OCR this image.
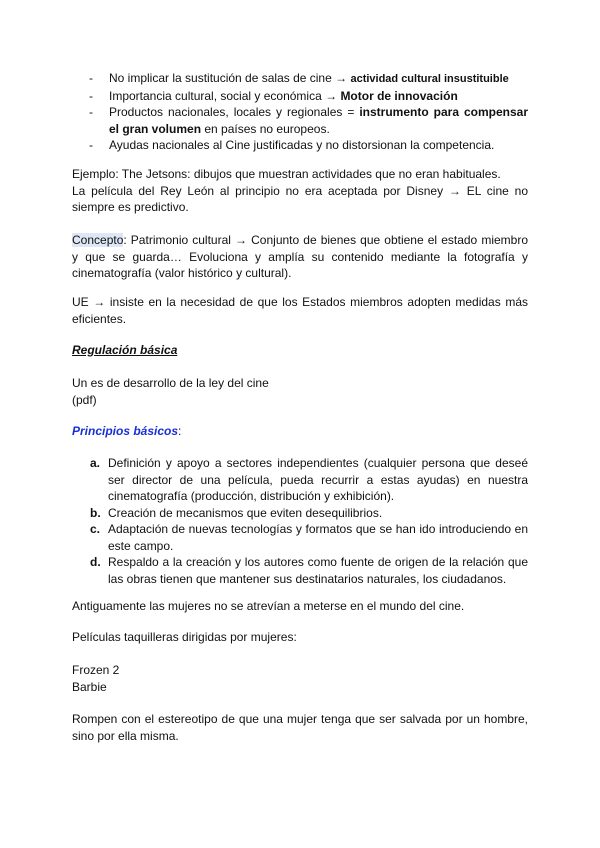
- No implicar la sustitución de salas de cine → actividad cultural insustituible
- Importancia cultural, social y económica → Motor de innovación
- Productos nacionales, locales y regionales = instrumento para compensar el gran volumen en países no europeos.
- Ayudas nacionales al Cine justificadas y no distorsionan la competencia.
Ejemplo: The Jetsons: dibujos que muestran actividades que no eran habituales.
La película del Rey León al principio no era aceptada por Disney → EL cine no siempre es predictivo.

Concepto: Patrimonio cultural → Conjunto de bienes que obtiene el estado miembro y que se guarda… Evoluciona y amplía su contenido mediante la fotografía y cinematografía (valor histórico y cultural).

UE → insiste en la necesidad de que los Estados miembros adopten medidas más eficientes.

Regulación básica

Un es de desarrollo de la ley del cine
(pdf)

Principios básicos:

a. Definición y apoyo a sectores independientes (cualquier persona que deseé ser director de una película, pueda recurrir a estas ayudas) en nuestra cinematografía (producción, distribución y exhibición).
b. Creación de mecanismos que eviten desequilibrios.
c. Adaptación de nuevas tecnologías y formatos que se han ido introduciendo en este campo.
d. Respaldo a la creación y los autores como fuente de origen de la relación que las obras tienen que mantener sus destinatarios naturales, los ciudadanos.

Antiguamente las mujeres no se atrevían a meterse en el mundo del cine.

Películas taquilleras dirigidas por mujeres:

Frozen 2
Barbie

Rompen con el estereotipo de que una mujer tenga que ser salvada por un hombre, sino por ella misma.
